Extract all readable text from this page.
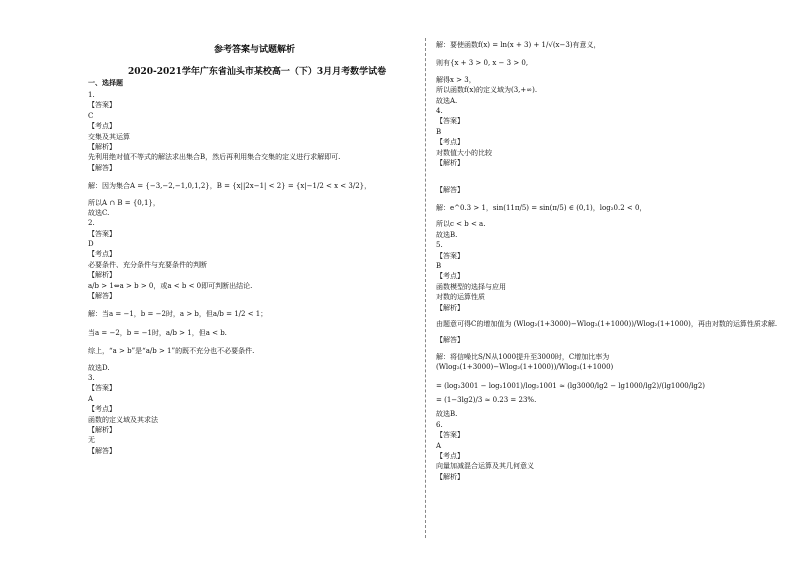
参考答案与试题解析
2020-2021学年广东省汕头市某校高一（下）3月月考数学试卷
一、选择题
1.
【答案】
C
【考点】
交集及其运算
【解析】
先利用绝对值不等式的解法求出集合B，然后再利用集合交集的定义进行求解即可.
【解答】
解：因为集合A = {−3,−2,−1,0,1,2}，B = {x||2x−1| < 2} = {x|−1/2 < x < 3/2}，
所以A ∩ B = {0,1}，
故选C.
2.
【答案】
D
【考点】
必要条件、充分条件与充要条件的判断
【解析】
a/b > 1⇔a > b > 0，或a < b < 0即可判断出结论.
【解答】
解：当a = −1，b = −2时，a > b，但a/b = 1/2 < 1；
当a = −2，b = −1时，a/b > 1，但a < b.
综上，“a > b”是“a/b > 1”的既不充分也不必要条件.
故选D.
3.
【答案】
A
【考点】
函数的定义域及其求法
【解析】
无
【解答】
解：要使函数f(x) = ln(x + 3) + 1/√(x−3)有意义，
则有{x + 3 > 0, x − 3 > 0,
解得x > 3，
所以函数f(x)的定义域为(3,+∞).
故选A.
4.
【答案】
B
【考点】
对数值大小的比较
【解析】
【解答】
解：e^0.3 > 1，sin(11π/5) = sin(π/5) ∈ (0,1)，log₂0.2 < 0，
所以c < b < a.
故选B.
5.
【答案】
B
【考点】
函数模型的选择与应用
对数的运算性质
【解析】
由题意可得C的增加值为 (Wlog₂(1+3000)−Wlog₂(1+1000))/Wlog₂(1+1000)，再由对数的运算性质求解.
【解答】
解：将信噪比S/N从1000提升至3000时，C增加比率为
(Wlog₂(1+3000)−Wlog₂(1+1000))/Wlog₂(1+1000)
= (log₂3001 − log₂1001)/log₂1001 ≈ (lg3000/lg2 − lg1000/lg2)/(lg1000/lg2)
= (1−3lg2)/3 ≈ 0.23 = 23%.
故选B.
6.
【答案】
A
【考点】
向量加减混合运算及其几何意义
【解析】
